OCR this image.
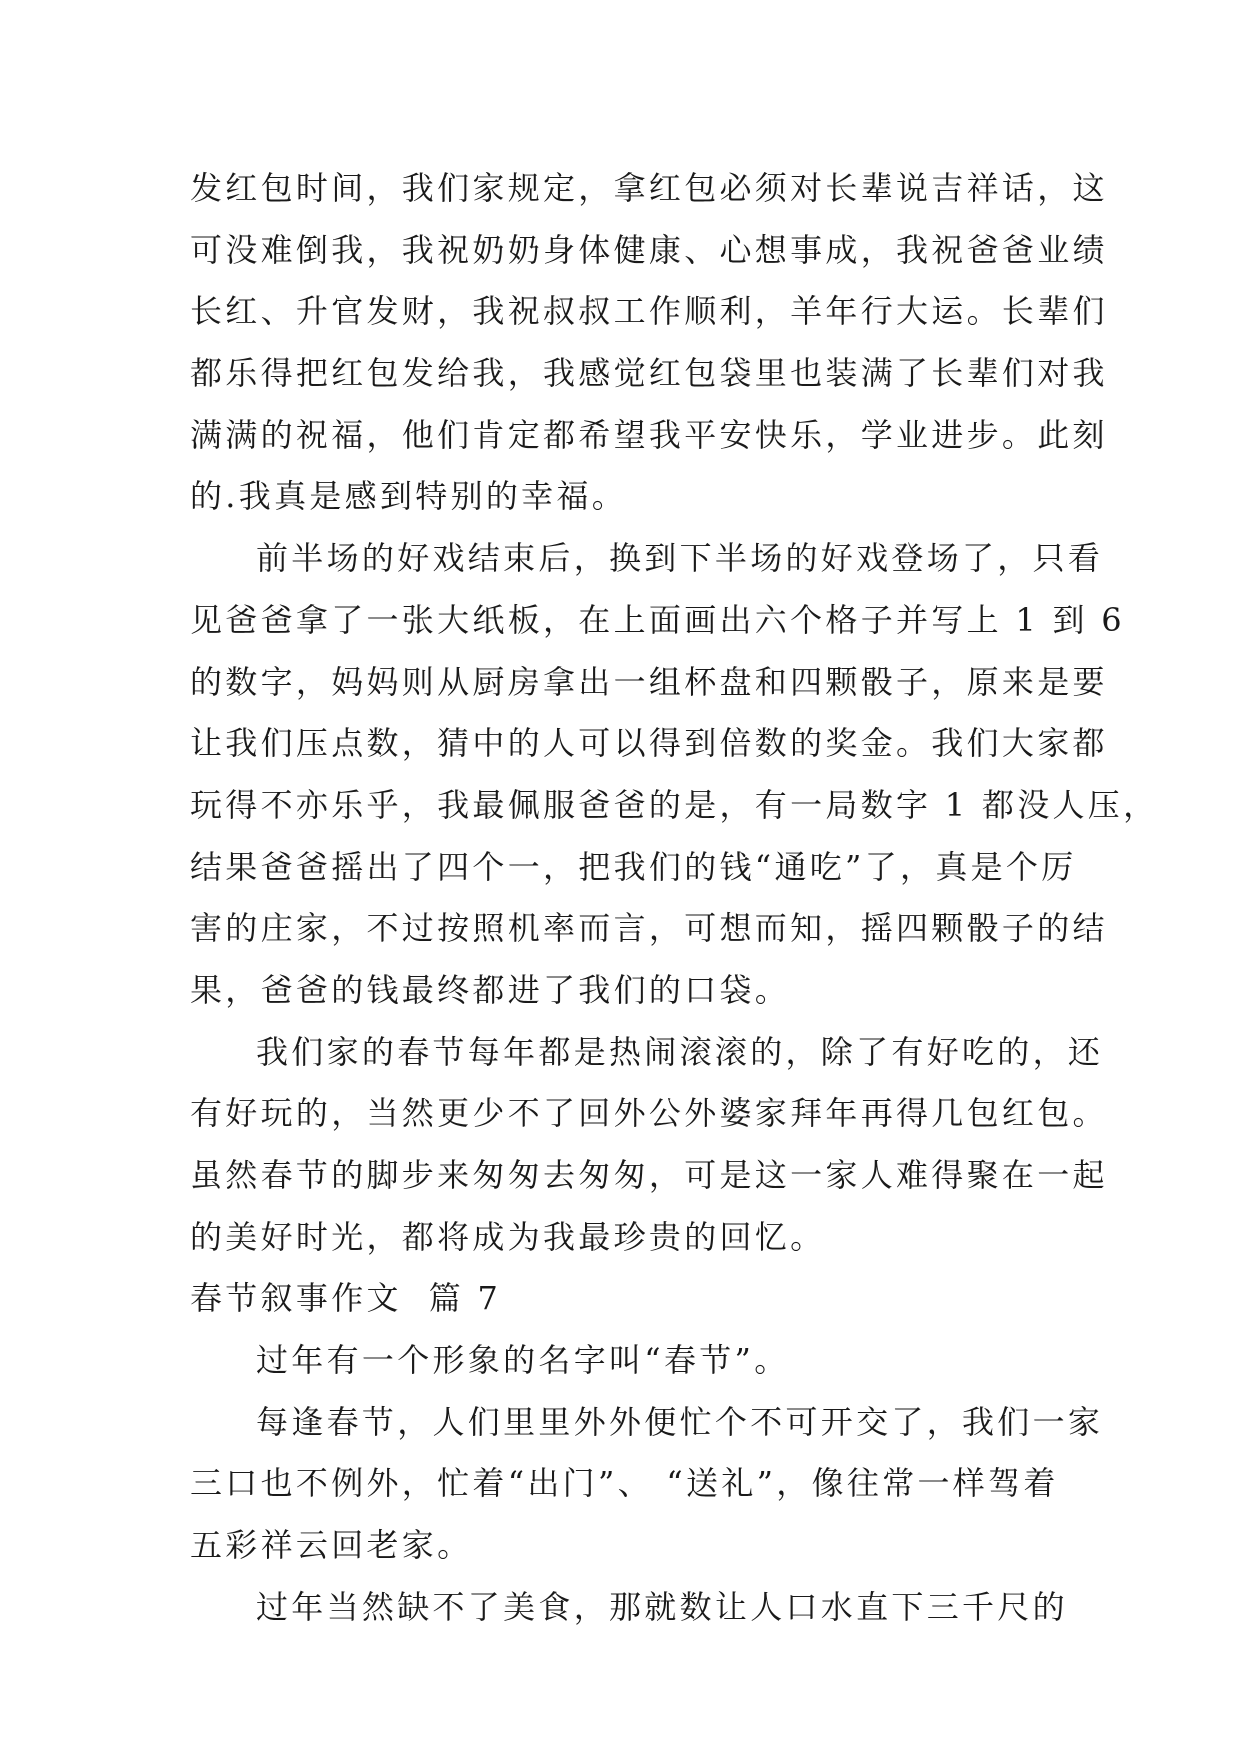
发红包时间，我们家规定，拿红包必须对长辈说吉祥话，这
可没难倒我，我祝奶奶身体健康、心想事成，我祝爸爸业绩
长红、升官发财，我祝叔叔工作顺利，羊年行大运。长辈们
都乐得把红包发给我，我感觉红包袋里也装满了长辈们对我
满满的祝福，他们肯定都希望我平安快乐，学业进步。此刻
的.我真是感到特别的幸福。
前半场的好戏结束后，换到下半场的好戏登场了，只看
见爸爸拿了一张大纸板，在上面画出六个格子并写上 1 到 6
的数字，妈妈则从厨房拿出一组杯盘和四颗骰子，原来是要
让我们压点数，猜中的人可以得到倍数的奖金。我们大家都
玩得不亦乐乎，我最佩服爸爸的是，有一局数字 1 都没人压，
结果爸爸摇出了四个一，把我们的钱“通吃”了，真是个厉
害的庄家，不过按照机率而言，可想而知，摇四颗骰子的结
果，爸爸的钱最终都进了我们的口袋。
我们家的春节每年都是热闹滚滚的，除了有好吃的，还
有好玩的，当然更少不了回外公外婆家拜年再得几包红包。
虽然春节的脚步来匆匆去匆匆，可是这一家人难得聚在一起
的美好时光，都将成为我最珍贵的回忆。
春节叙事作文  篇 7
过年有一个形象的名字叫“春节”。
每逢春节，人们里里外外便忙个不可开交了，我们一家
三口也不例外，忙着“出门”、 “送礼”，像往常一样驾着
五彩祥云回老家。
过年当然缺不了美食，那就数让人口水直下三千尺的
